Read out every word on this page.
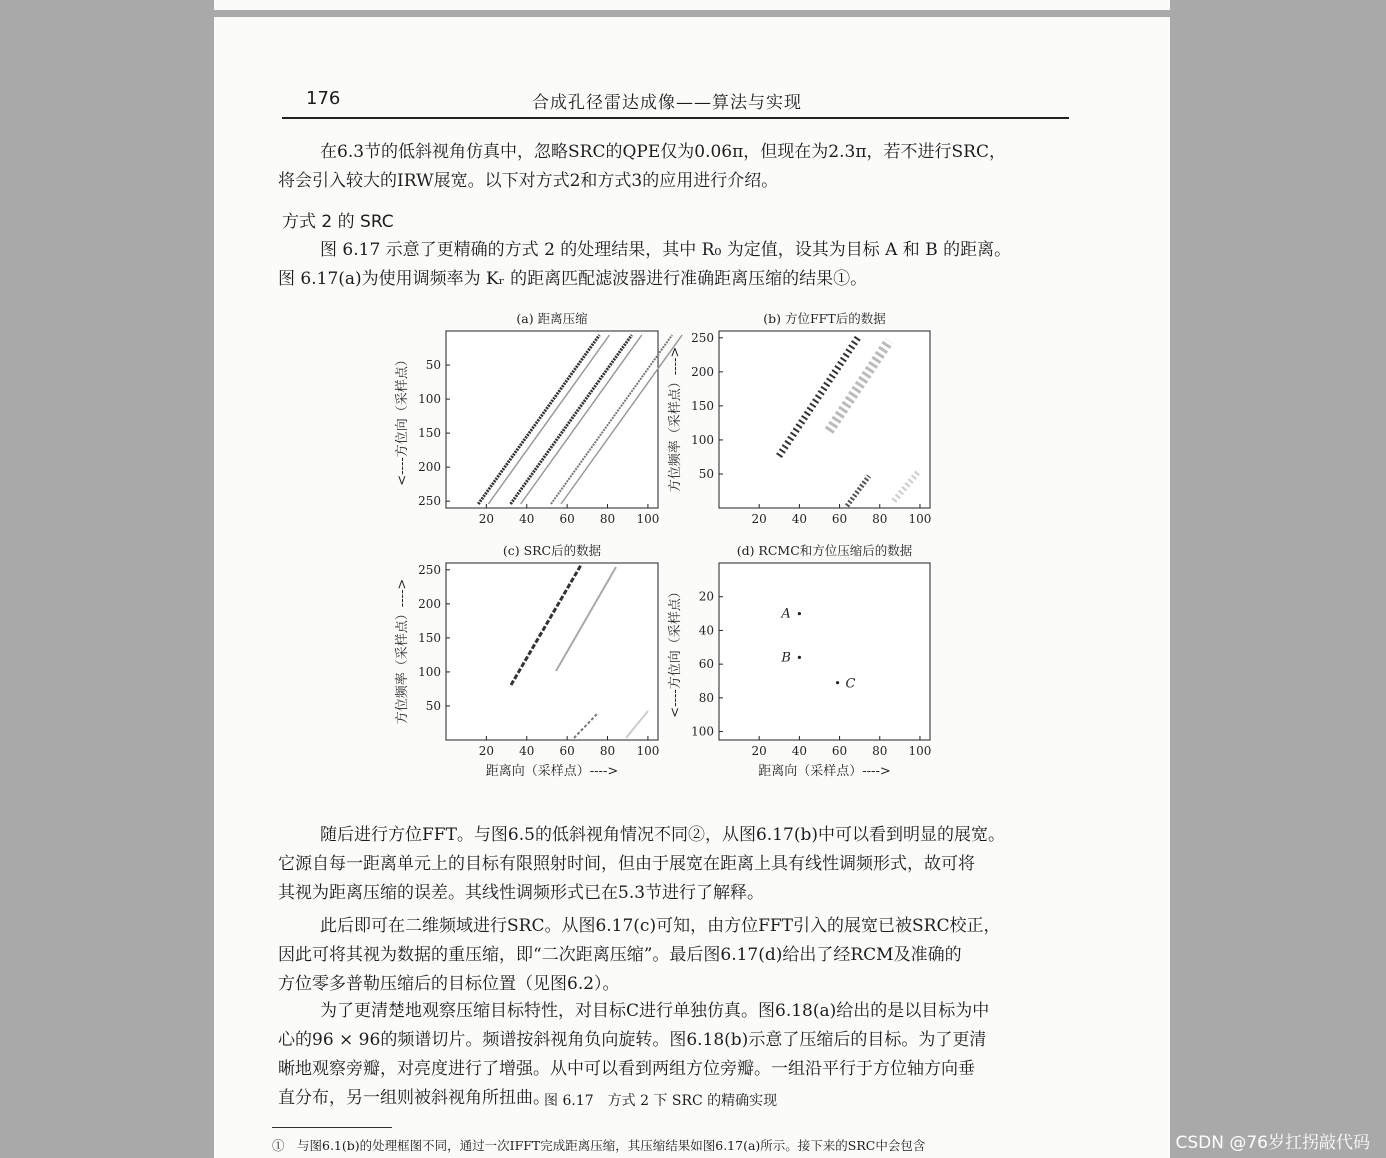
176	合成孔径雷达成像——算法与实现

在6.3节的低斜视角仿真中，忽略SRC的QPE仅为0.06π，但现在为2.3π，若不进行SRC，
将会引入较大的IRW展宽。以下对方式2和方式3的应用进行介绍。

方式 2 的 SRC

图 6.17 示意了更精确的方式 2 的处理结果，其中 R₀ 为定值，设其为目标 A 和 B 的距离。
图 6.17(a)为使用调频率为 Kᵣ 的距离匹配滤波器进行准确距离压缩的结果①。

(a) 距离压缩
20 40 60 80 100
50
100
150
200
250
<----方位向（采样点）
(b) 方位FFT后的数据
20 40 60 80 100
250
200
150
100
50
方位频率（采样点）---->
(c) SRC后的数据
20 40 60 80 100
250
200
150
100
50
方位频率（采样点）---->
距离向（采样点）---->
(d) RCMC和方位压缩后的数据
20 40 60 80 100
20
40
60
80
100
<----方位向（采样点）
距离向（采样点）---->
A
B
C
图 6.17　方式 2 下 SRC 的精确实现

随后进行方位FFT。与图6.5的低斜视角情况不同②，从图6.17(b)中可以看到明显的展宽。
它源自每一距离单元上的目标有限照射时间，但由于展宽在距离上具有线性调频形式，故可将
其视为距离压缩的误差。其线性调频形式已在5.3节进行了解释。

此后即可在二维频域进行SRC。从图6.17(c)可知，由方位FFT引入的展宽已被SRC校正，
因此可将其视为数据的重压缩，即“二次距离压缩”。最后图6.17(d)给出了经RCM及准确的
方位零多普勒压缩后的目标位置（见图6.2）。

为了更清楚地观察压缩目标特性，对目标C进行单独仿真。图6.18(a)给出的是以目标为中
心的96 × 96的频谱切片。频谱按斜视角负向旋转。图6.18(b)示意了压缩后的目标。为了更清
晰地观察旁瓣，对亮度进行了增强。从中可以看到两组方位旁瓣。一组沿平行于方位轴方向垂
直分布，另一组则被斜视角所扭曲。

①　与图6.1(b)的处理框图不同，通过一次IFFT完成距离压缩，其压缩结果如图6.17(a)所示。接下来的SRC中会包含	CSDN @76岁扛拐敲代码
